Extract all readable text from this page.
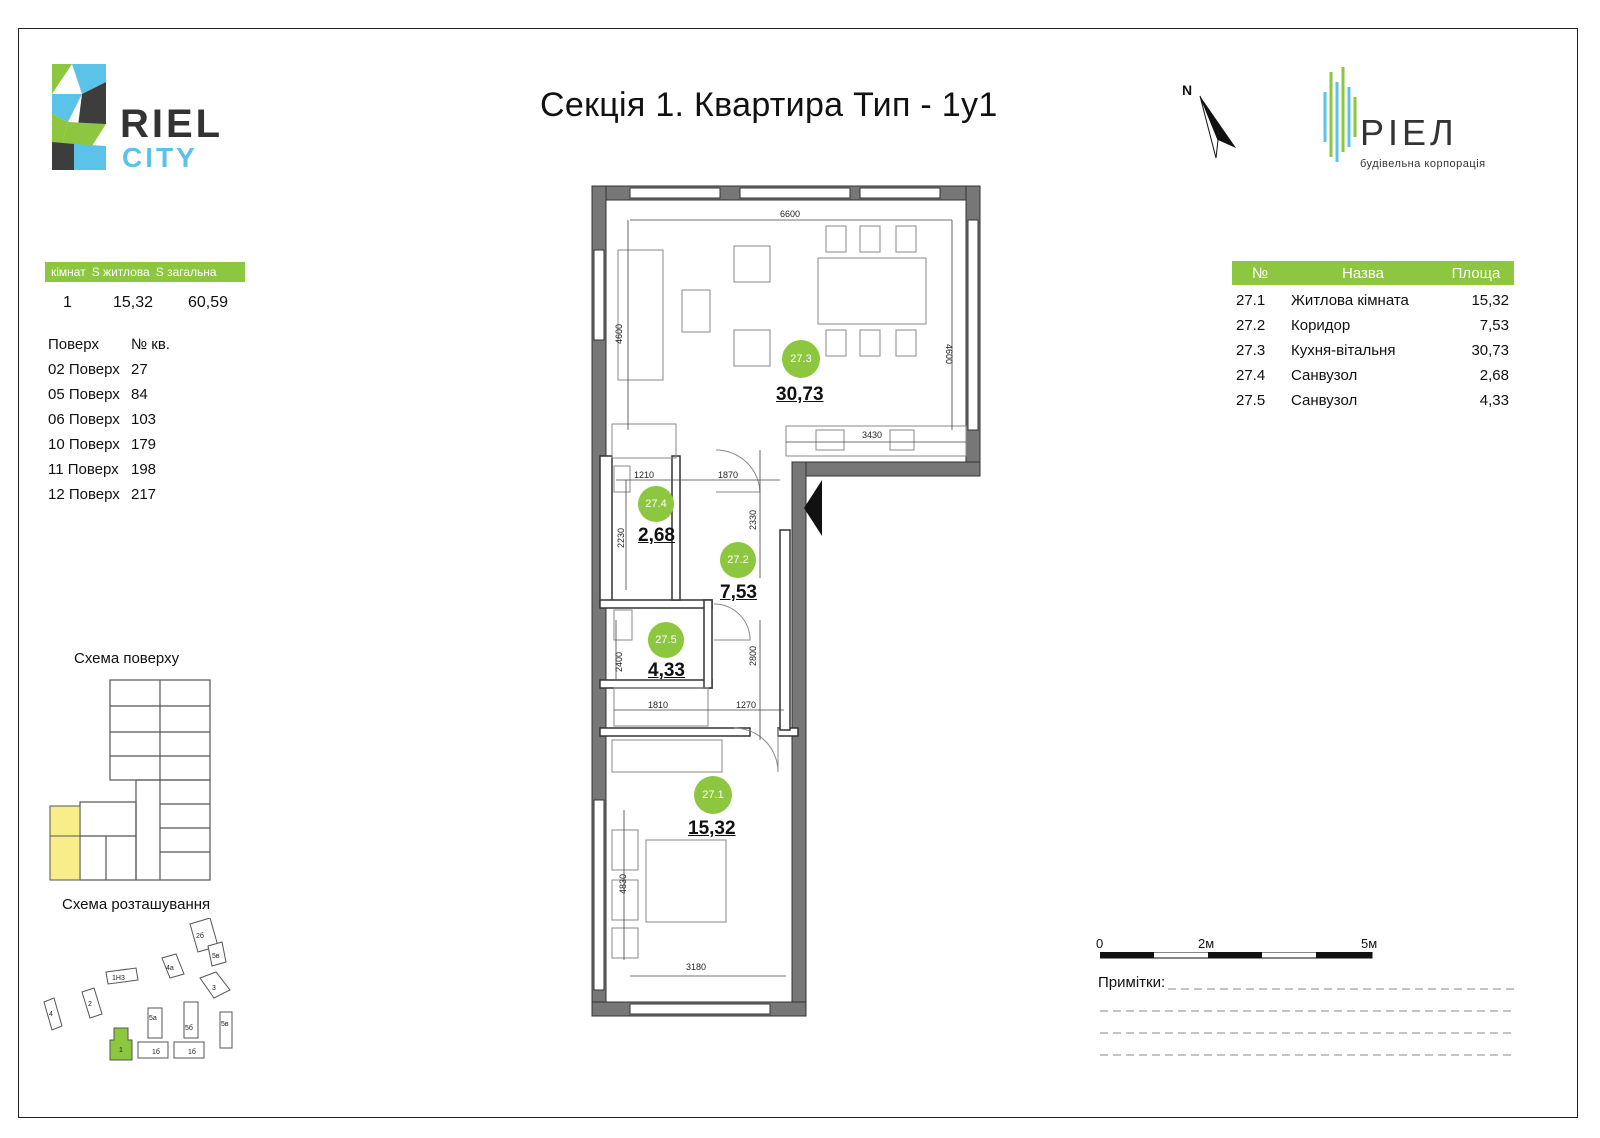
RIEL
CITY
Секція 1. Квартира Тип - 1у1	N
РІЕЛ
будівельна корпорація
кімнат S житлова S загальна
1	15,32 60,59
Поверх	№ кв.
02 Поверх 27
05 Поверх 84
06 Поверх 103
10 Поверх 179
11 Поверх 198
12 Поверх 217
№	Назва	Площа
27.1	Житлова кімната	15,32
27.2	Коридор	7,53
27.3	Кухня-вітальня	30,73
27.4	Санвузол	2,68
27.5	Санвузол	4,33
6600
4600
4600
3430
1210	1870
2230
2330
2800
2400
1810	1270
4830
3180
27.3
30,73
27.4
2,68
27.2
7,53
27.5
4,33
27.1
15,32
Схема поверху
Схема розташування
2б
5в
4
2
1Н3
4а
3
5а
5б
5в
1	1б	1б
0	2м	5м
Примітки:
